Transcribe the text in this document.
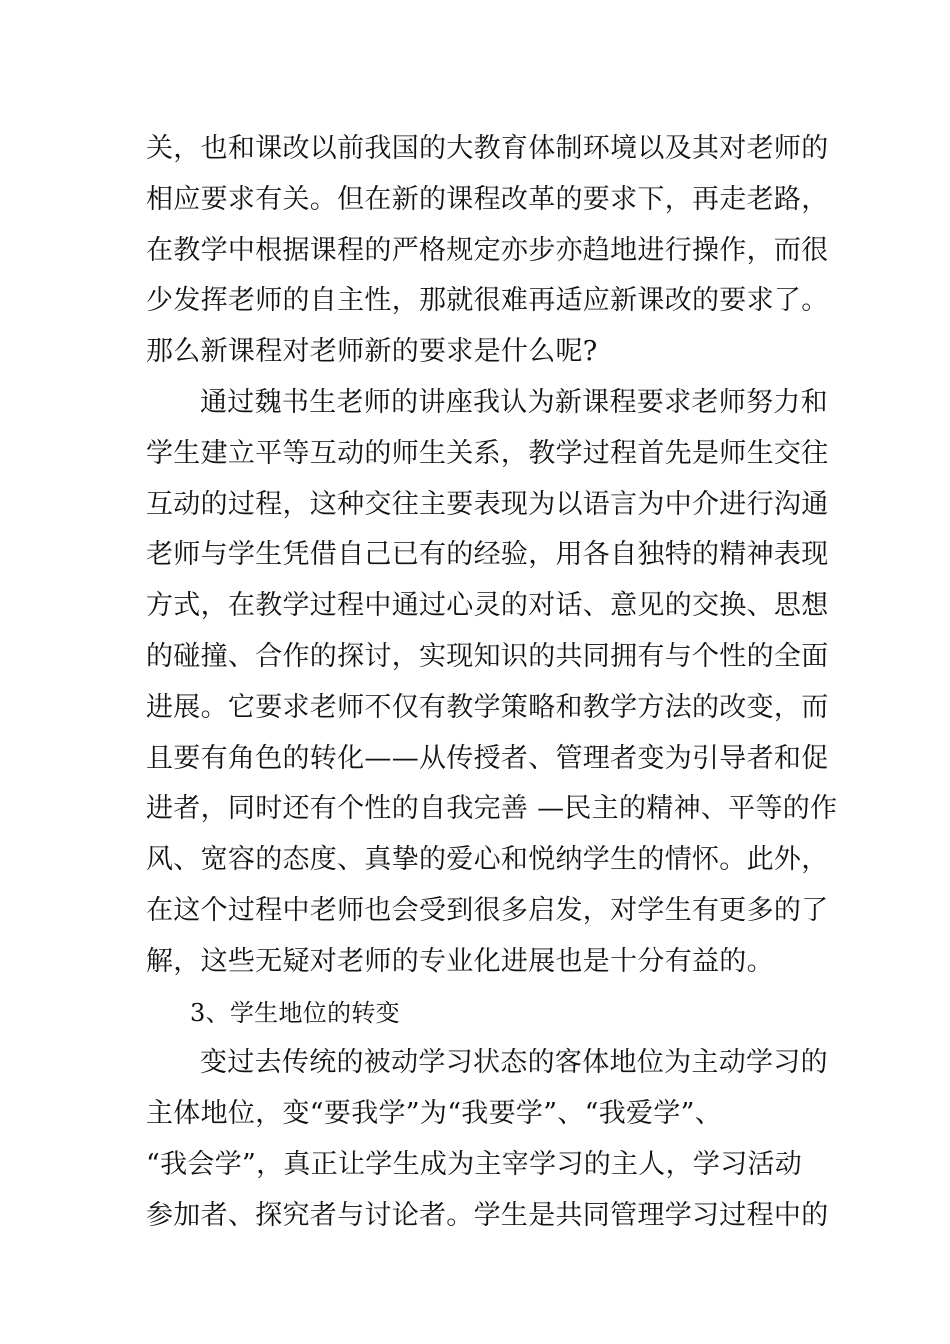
关，也和课改以前我国的大教育体制环境以及其对老师的
相应要求有关。但在新的课程改革的要求下，再走老路，
在教学中根据课程的严格规定亦步亦趋地进行操作，而很
少发挥老师的自主性，那就很难再适应新课改的要求了。
那么新课程对老师新的要求是什么呢?
通过魏书生老师的讲座我认为新课程要求老师努力和
学生建立平等互动的师生关系，教学过程首先是师生交往
互动的过程，这种交往主要表现为以语言为中介进行沟通
老师与学生凭借自己已有的经验，用各自独特的精神表现
方式，在教学过程中通过心灵的对话、意见的交换、思想
的碰撞、合作的探讨，实现知识的共同拥有与个性的全面
进展。它要求老师不仅有教学策略和教学方法的改变，而
且要有角色的转化——从传授者、管理者变为引导者和促
进者，同时还有个性的自我完善 —民主的精神、平等的作
风、宽容的态度、真挚的爱心和悦纳学生的情怀。此外，
在这个过程中老师也会受到很多启发，对学生有更多的了
解，这些无疑对老师的专业化进展也是十分有益的。
3、学生地位的转变
变过去传统的被动学习状态的客体地位为主动学习的
主体地位，变“要我学”为“我要学”、“我爱学”、
“我会学”，真正让学生成为主宰学习的主人，学习活动
参加者、探究者与讨论者。学生是共同管理学习过程中的
